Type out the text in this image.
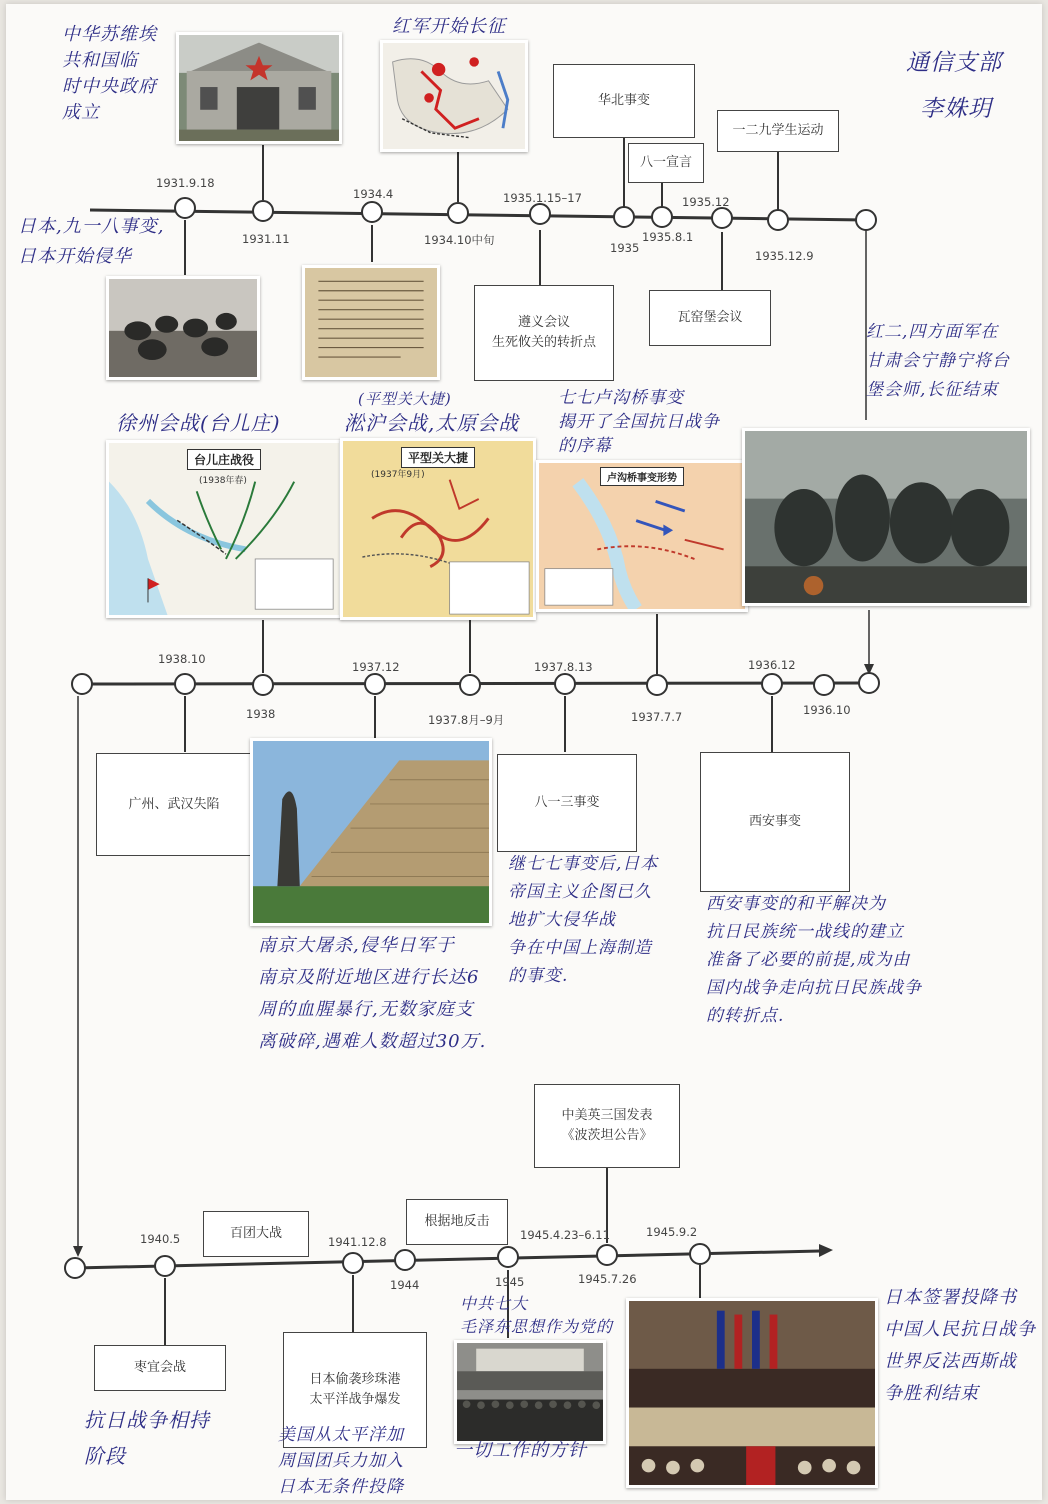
通信支部
李姝玥
华北事变
八一宣言
一二九学生运动
遵义会议
生死攸关的转折点
瓦窑堡会议
1931.9.18
1931.11
1934.4
1934.10中旬
1935.1.15–17
1935
1935.8.1
1935.12
1935.12.9
中华苏维埃
共和国临
时中央政府
成立
红军开始长征
日本,九一八事变,
日本开始侵华
红二,四方面军在
甘肃会宁静宁将台
堡会师,长征结束
徐州会战(台儿庄)
(平型关大捷)
淞沪会战,太原会战
七七卢沟桥事变
揭开了全国抗日战争
的序幕
台儿庄战役
(1938年春)
平型关大捷
(1937年9月)	卢沟桥事变形势
1938.10
1938
1937.12
1937.8月–9月
1937.8.13
1937.7.7
1936.12
1936.10
广州、武汉失陷	八一三事变
西安事变
南京大屠杀,侵华日军于
南京及附近地区进行长达6
周的血腥暴行,无数家庭支
离破碎,遇难人数超过30万.
继七七事变后,日本
帝国主义企图已久
地扩大侵华战
争在中国上海制造
的事变.
西安事变的和平解决为
抗日民族统一战线的建立
准备了必要的前提,成为由
国内战争走向抗日民族战争
的转折点.
中美英三国发表
《波茨坦公告》
百团大战
根据地反击
枣宜会战
日本偷袭珍珠港
太平洋战争爆发
1940.5	1941.12.8
1944	1945
1945.4.23–6.11
1945.7.26
1945.9.2
中共七大
毛泽东思想作为党的
一切工作的方针
抗日战争相持
阶段
美国从太平洋加
周国团兵力加入
日本无条件投降
日本签署投降书
中国人民抗日战争
世界反法西斯战
争胜利结束
